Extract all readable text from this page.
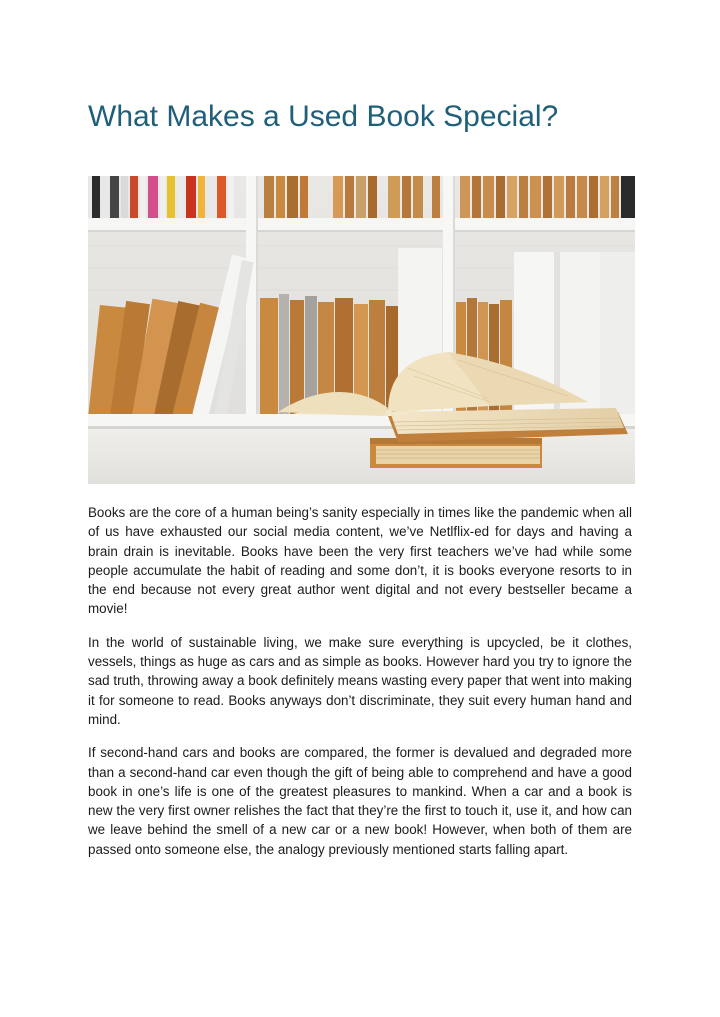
What Makes a Used Book Special?

Books are the core of a human being’s sanity especially in times like the pandemic when all of us have exhausted our social media content, we’ve Netlflix-ed for days and having a brain drain is inevitable. Books have been the very first teachers we’ve had while some people accumulate the habit of reading and some don’t, it is books everyone resorts to in the end because not every great author went digital and not every bestseller became a movie!

In the world of sustainable living, we make sure everything is upcycled, be it clothes, vessels, things as huge as cars and as simple as books. However hard you try to ignore the sad truth, throwing away a book definitely means wasting every paper that went into making it for someone to read. Books anyways don’t discriminate, they suit every human hand and mind.

If second-hand cars and books are compared, the former is devalued and degraded more than a second-hand car even though the gift of being able to comprehend and have a good book in one’s life is one of the greatest pleasures to mankind. When a car and a book is new the very first owner relishes the fact that they’re the first to touch it, use it, and how can we leave behind the smell of a new car or a new book! However, when both of them are passed onto someone else, the analogy previously mentioned starts falling apart.
